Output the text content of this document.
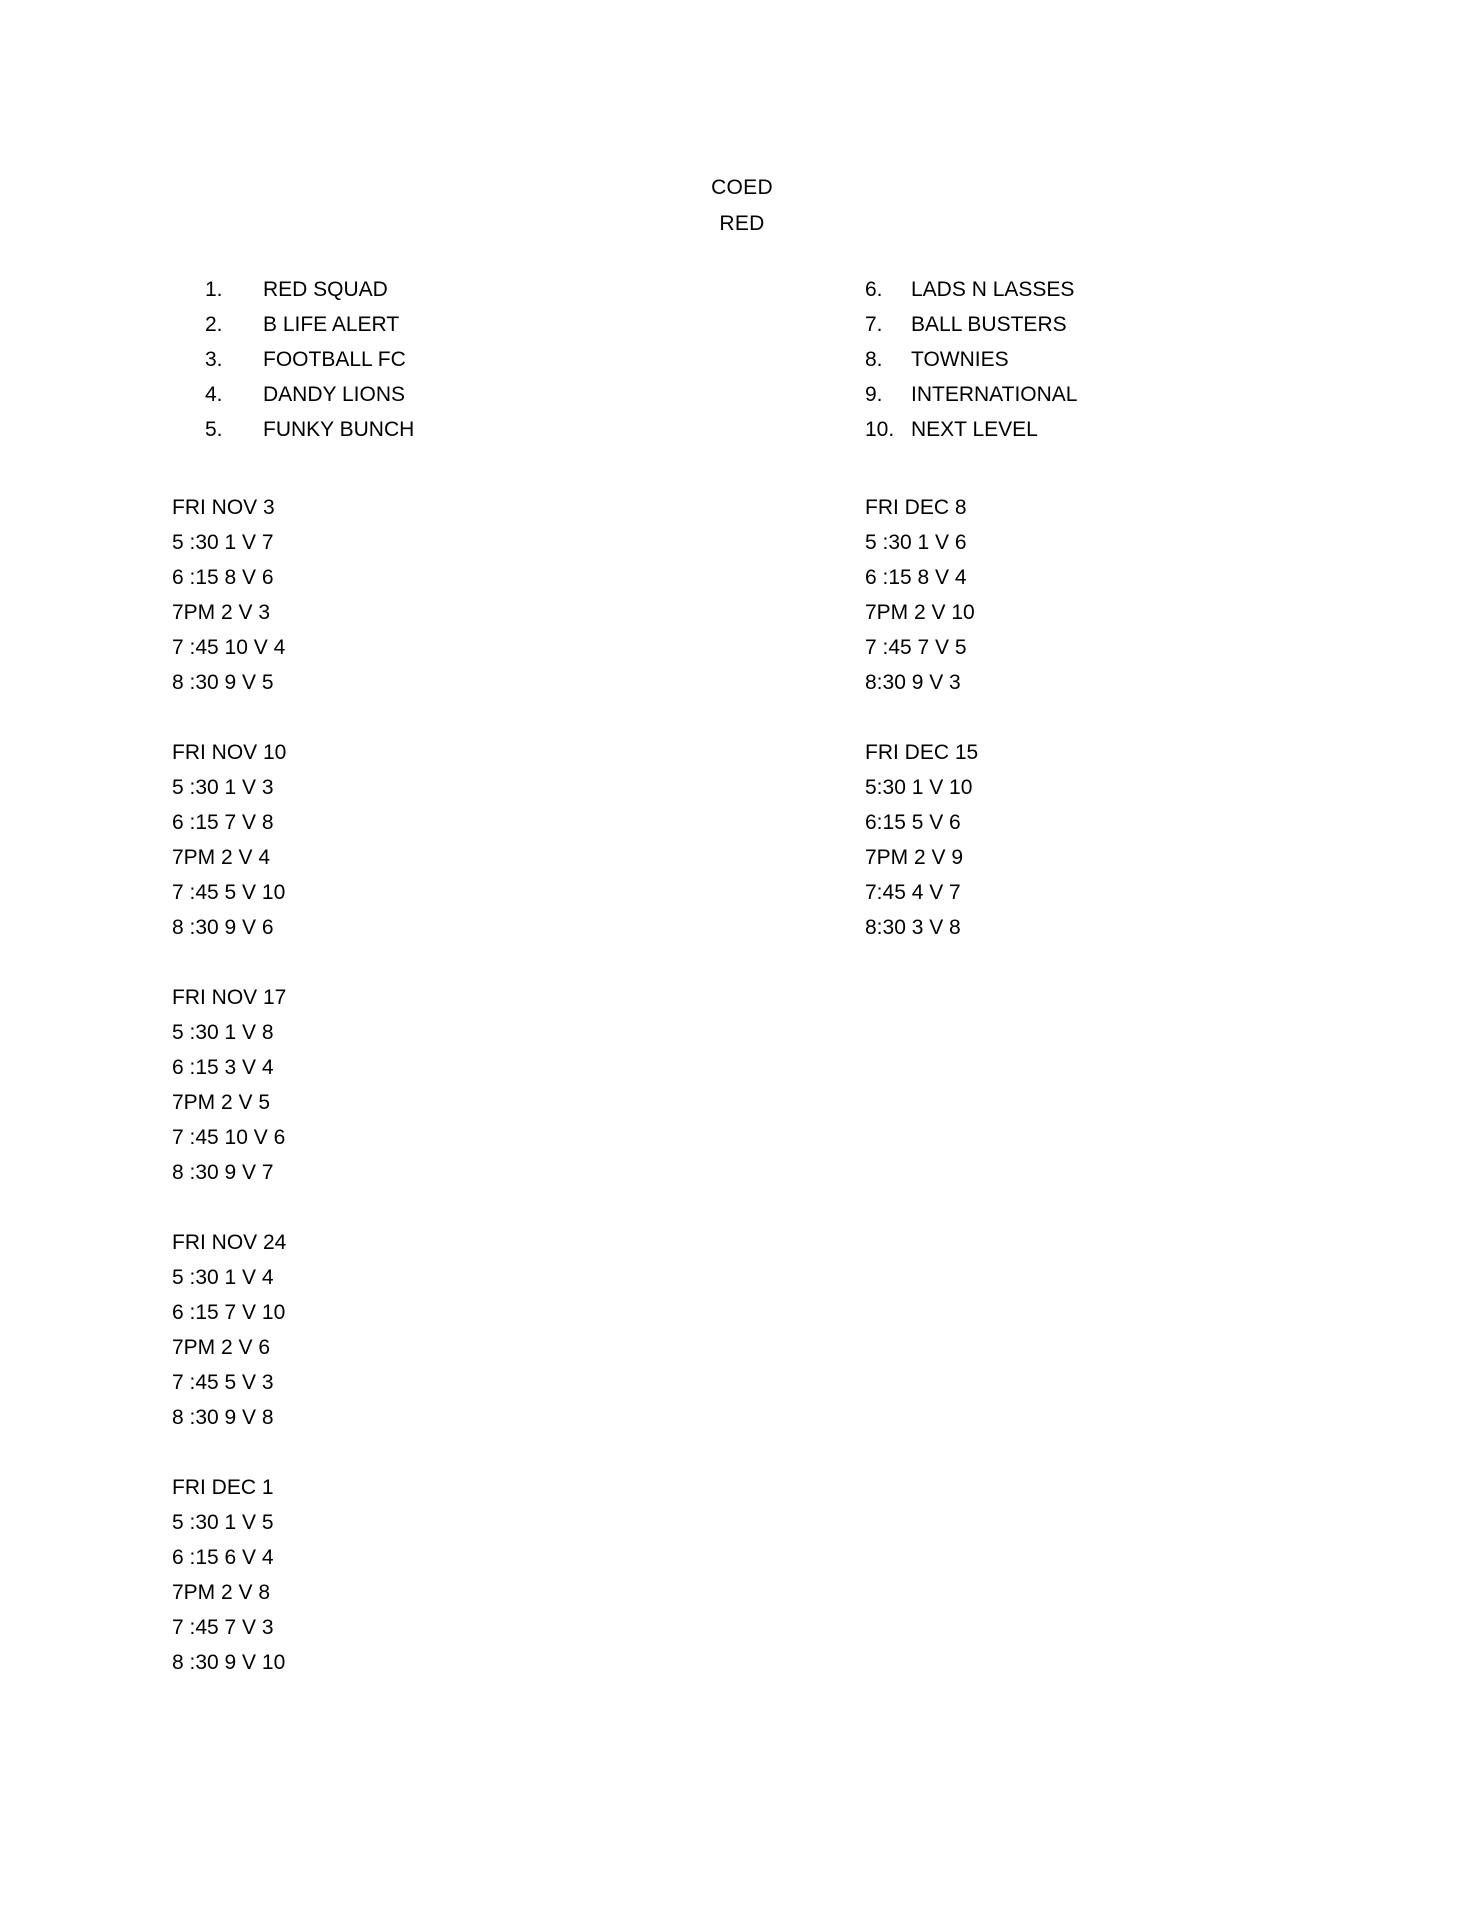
COED
RED
1.	RED SQUAD
2.	B LIFE ALERT
3.	FOOTBALL FC
4.	DANDY LIONS
5.	FUNKY BUNCH
6.	LADS N LASSES
7.	BALL BUSTERS
8.	TOWNIES
9.	INTERNATIONAL
10. NEXT LEVEL
FRI NOV 3
5 :30 1 V 7
6 :15 8 V 6
7PM 2 V 3
7 :45 10 V 4
8 :30 9 V 5
FRI NOV 10
5 :30 1 V 3
6 :15 7 V 8
7PM 2 V 4
7 :45 5 V 10
8 :30 9 V 6
FRI NOV 17
5 :30 1 V 8
6 :15 3 V 4
7PM 2 V 5
7 :45 10 V 6
8 :30 9 V 7
FRI NOV 24
5 :30 1 V 4
6 :15 7 V 10
7PM 2 V 6
7 :45 5 V 3
8 :30 9 V 8
FRI DEC 1
5 :30 1 V 5
6 :15 6 V 4
7PM 2 V 8
7 :45 7 V 3
8 :30 9 V 10
FRI DEC 8
5 :30 1 V 6
6 :15 8 V 4
7PM 2 V 10
7 :45 7 V 5
8:30 9 V 3
FRI DEC 15
5:30 1 V 10
6:15 5 V 6
7PM 2 V 9
7:45 4 V 7
8:30 3 V 8
